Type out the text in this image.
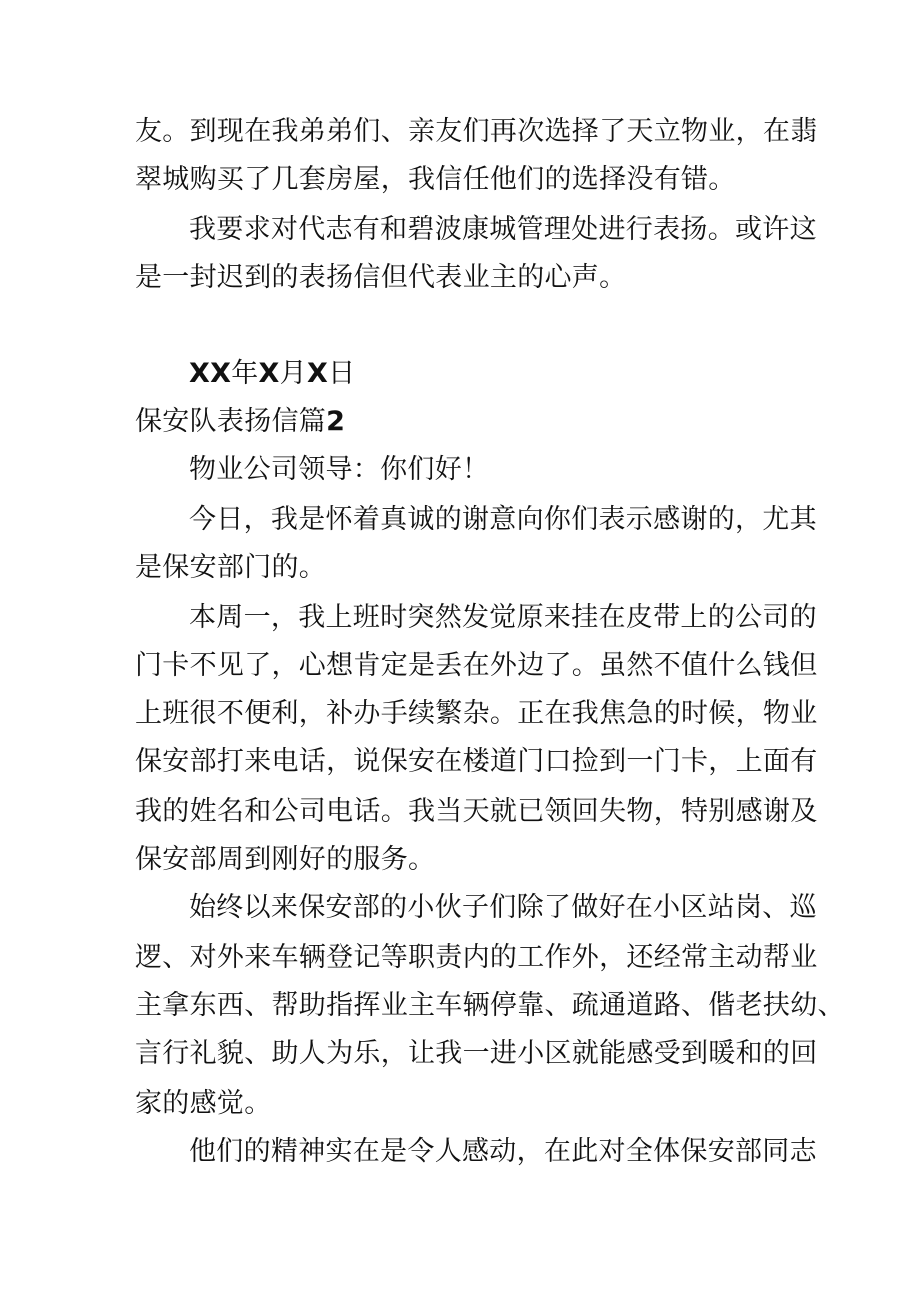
友。到现在我弟弟们、亲友们再次选择了天立物业，在翡
翠城购买了几套房屋，我信任他们的选择没有错。
我要求对代志有和碧波康城管理处进行表扬。或许这
是一封迟到的表扬信但代表业主的心声。
XX年X月X日
保安队表扬信篇2
物业公司领导：你们好！
今日，我是怀着真诚的谢意向你们表示感谢的，尤其
是保安部门的。
本周一，我上班时突然发觉原来挂在皮带上的公司的
门卡不见了，心想肯定是丢在外边了。虽然不值什么钱但
上班很不便利，补办手续繁杂。正在我焦急的时候，物业
保安部打来电话，说保安在楼道门口捡到一门卡，上面有
我的姓名和公司电话。我当天就已领回失物，特别感谢及
保安部周到刚好的服务。
始终以来保安部的小伙子们除了做好在小区站岗、巡
逻、对外来车辆登记等职责内的工作外，还经常主动帮业
主拿东西、帮助指挥业主车辆停靠、疏通道路、偕老扶幼、
言行礼貌、助人为乐，让我一进小区就能感受到暖和的回
家的感觉。
他们的精神实在是令人感动，在此对全体保安部同志
